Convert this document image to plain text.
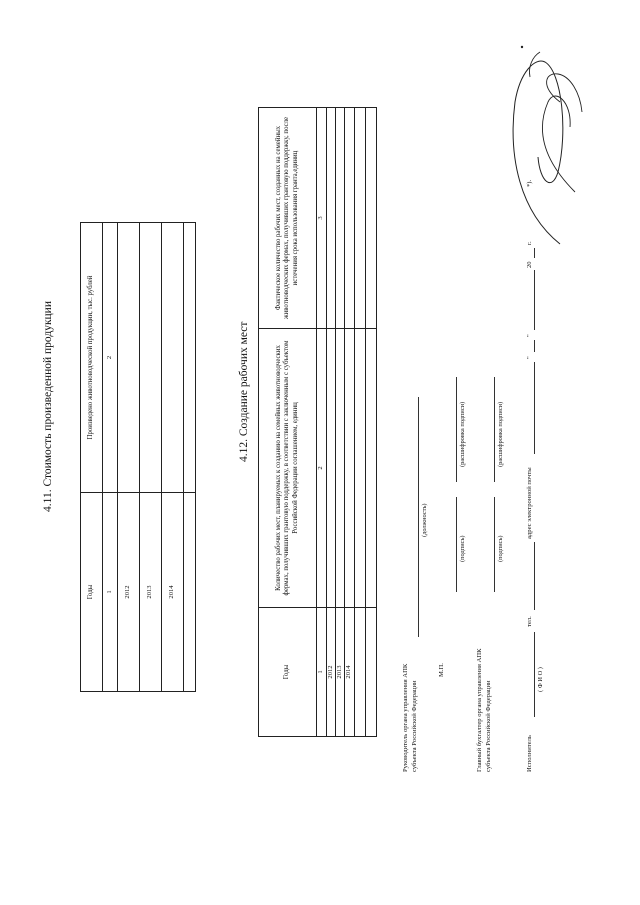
4.11. Стоимость произведенной продукции
Годы	Произведено животноводческой продукции, тыс. рублей
1	2
2012	
2013	
2014	

4.12. Создание рабочих мест
Годы	Количество рабочих мест, планируемых к созданию на семейных животноводческих фермах, получивших грантовую поддержку, в соответствии с заключенным с субъектом Российской Федерации соглашением, единиц	Фактическое количество рабочих мест, созданных на семейных животноводческих фермах, получивших грантовую поддержку, после истечения срока использования гранта,единиц
1	2	3
2012		
2013		
2014		

			Руководитель органа управления АПК субъекта Российской Федерации
(должность)
М.П.
(подпись)
(расшифровка подписи)
Главный бухгалтер органа управления АПК субъекта Российской Федерации
(подпись)
(расшифровка подписи)
Исполнитель
( Ф И О )
тел.
адрес электронной почты
"
"
20
г.
*).
